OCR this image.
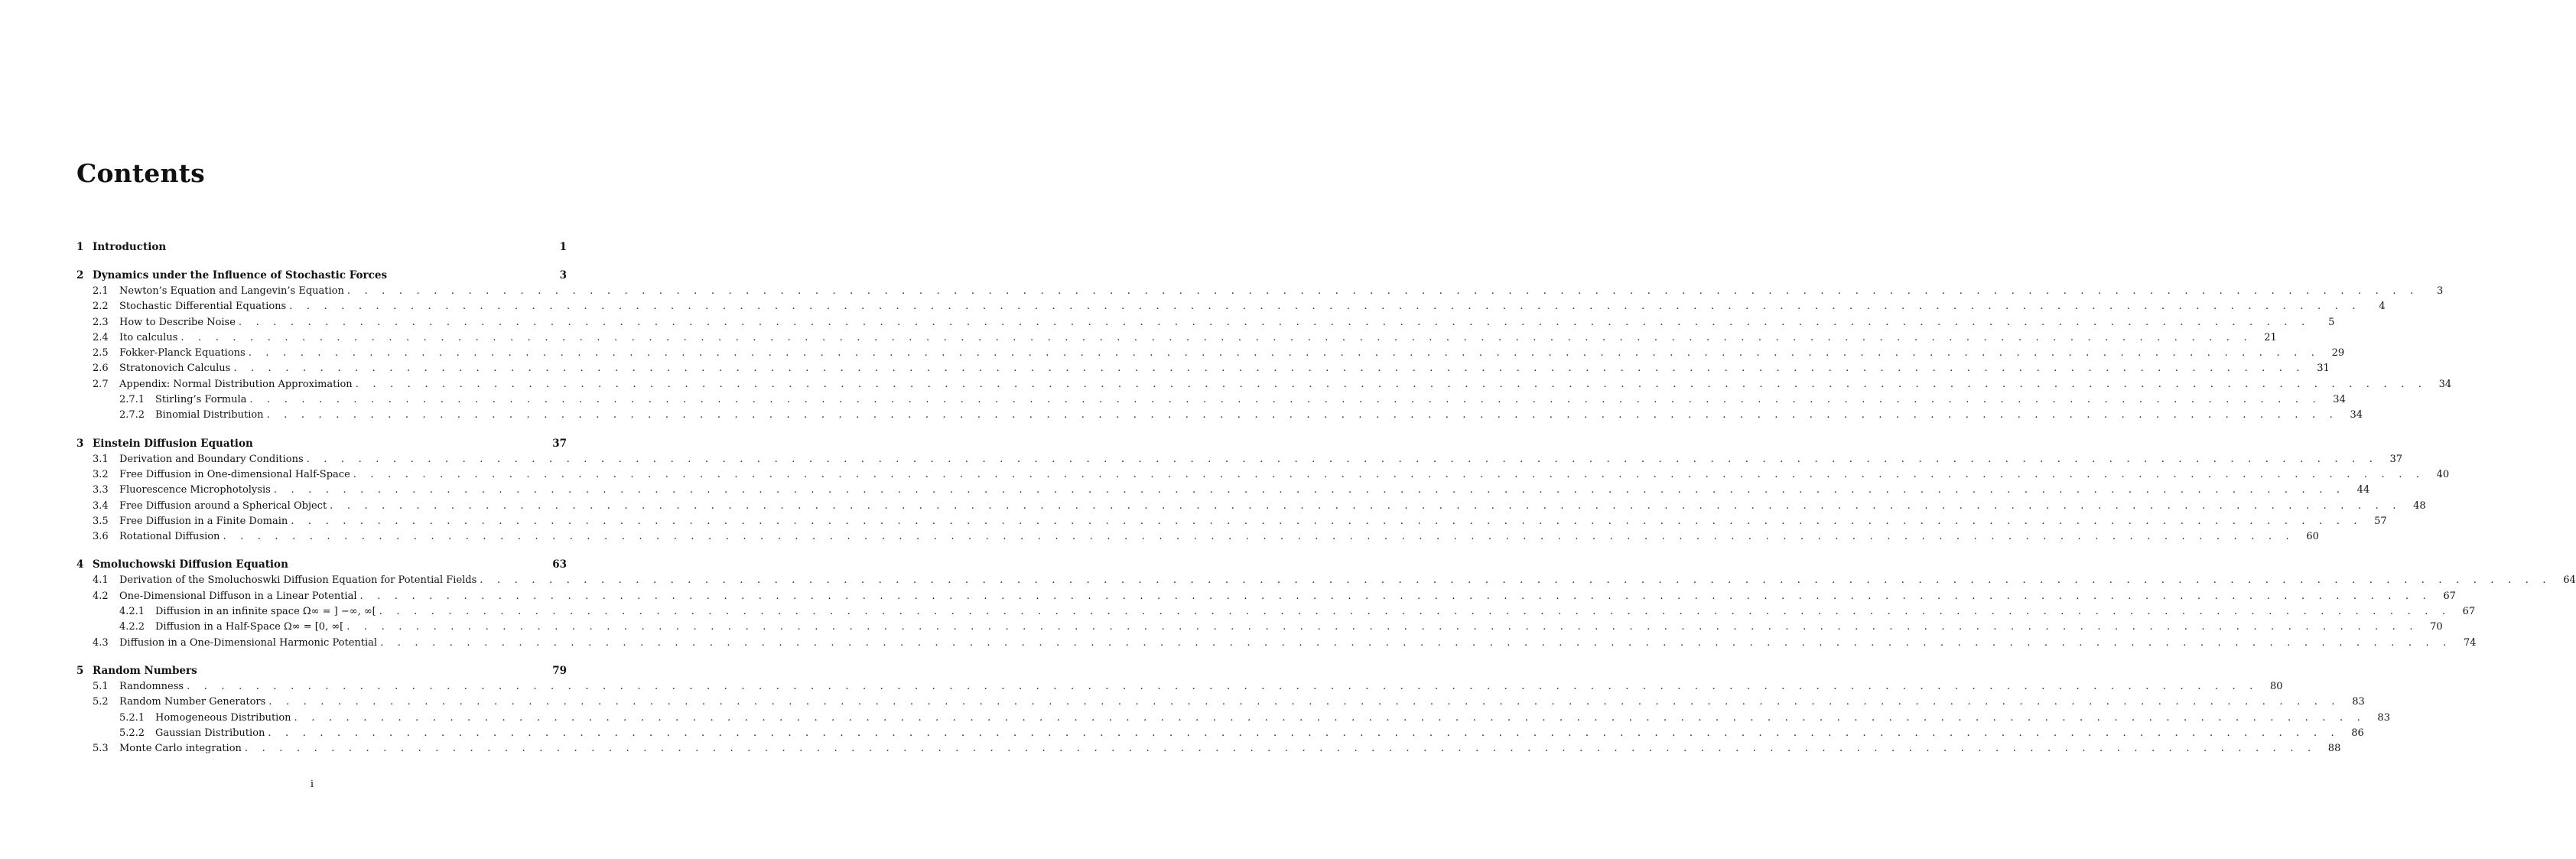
Contents
1 Introduction	1
2 Dynamics under the Influence of Stochastic Forces	3
2.1	Newton’s Equation and Langevin’s Equation . . . . . . . . . . . . . . . . . . . . . . . . . . . . . . . . . . . . . . . . . . . . . . . . . . . . . . . . . . . . . . . . . . . . . . . . . . . . . . . . . . . . . . . . . . . . . . . . . . . . . . . . . . . . . . . . . . . . . . . .	3
2.2	Stochastic Differential Equations . . . . . . . . . . . . . . . . . . . . . . . . . . . . . . . . . . . . . . . . . . . . . . . . . . . . . . . . . . . . . . . . . . . . . . . . . . . . . . . . . . . . . . . . . . . . . . . . . . . . . . . . . . . . . . . . . . . . . . . .	4
2.3	How to Describe Noise . . . . . . . . . . . . . . . . . . . . . . . . . . . . . . . . . . . . . . . . . . . . . . . . . . . . . . . . . . . . . . . . . . . . . . . . . . . . . . . . . . . . . . . . . . . . . . . . . . . . . . . . . . . . . . . . . . . . . . . .	5
2.4	Ito calculus . . . . . . . . . . . . . . . . . . . . . . . . . . . . . . . . . . . . . . . . . . . . . . . . . . . . . . . . . . . . . . . . . . . . . . . . . . . . . . . . . . . . . . . . . . . . . . . . . . . . . . . . . . . . . . . . . . . . . . . .	21
2.5	Fokker-Planck Equations . . . . . . . . . . . . . . . . . . . . . . . . . . . . . . . . . . . . . . . . . . . . . . . . . . . . . . . . . . . . . . . . . . . . . . . . . . . . . . . . . . . . . . . . . . . . . . . . . . . . . . . . . . . . . . . . . . . . . . . .	29
2.6	Stratonovich Calculus . . . . . . . . . . . . . . . . . . . . . . . . . . . . . . . . . . . . . . . . . . . . . . . . . . . . . . . . . . . . . . . . . . . . . . . . . . . . . . . . . . . . . . . . . . . . . . . . . . . . . . . . . . . . . . . . . . . . . . . .	31
2.7	Appendix: Normal Distribution Approximation . . . . . . . . . . . . . . . . . . . . . . . . . . . . . . . . . . . . . . . . . . . . . . . . . . . . . . . . . . . . . . . . . . . . . . . . . . . . . . . . . . . . . . . . . . . . . . . . . . . . . . . . . . . . . . . . . . . . . . . .	34
2.7.1	Stirling’s Formula . . . . . . . . . . . . . . . . . . . . . . . . . . . . . . . . . . . . . . . . . . . . . . . . . . . . . . . . . . . . . . . . . . . . . . . . . . . . . . . . . . . . . . . . . . . . . . . . . . . . . . . . . . . . . . . . . . . . . . . .	34
2.7.2	Binomial Distribution . . . . . . . . . . . . . . . . . . . . . . . . . . . . . . . . . . . . . . . . . . . . . . . . . . . . . . . . . . . . . . . . . . . . . . . . . . . . . . . . . . . . . . . . . . . . . . . . . . . . . . . . . . . . . . . . . . . . . . . .	34
3 Einstein Diffusion Equation	37
3.1	Derivation and Boundary Conditions . . . . . . . . . . . . . . . . . . . . . . . . . . . . . . . . . . . . . . . . . . . . . . . . . . . . . . . . . . . . . . . . . . . . . . . . . . . . . . . . . . . . . . . . . . . . . . . . . . . . . . . . . . . . . . . . . . . . . . . .	37
3.2	Free Diffusion in One-dimensional Half-Space . . . . . . . . . . . . . . . . . . . . . . . . . . . . . . . . . . . . . . . . . . . . . . . . . . . . . . . . . . . . . . . . . . . . . . . . . . . . . . . . . . . . . . . . . . . . . . . . . . . . . . . . . . . . . . . . . . . . . . . .	40
3.3	Fluorescence Microphotolysis . . . . . . . . . . . . . . . . . . . . . . . . . . . . . . . . . . . . . . . . . . . . . . . . . . . . . . . . . . . . . . . . . . . . . . . . . . . . . . . . . . . . . . . . . . . . . . . . . . . . . . . . . . . . . . . . . . . . . . . .	44
3.4	Free Diffusion around a Spherical Object . . . . . . . . . . . . . . . . . . . . . . . . . . . . . . . . . . . . . . . . . . . . . . . . . . . . . . . . . . . . . . . . . . . . . . . . . . . . . . . . . . . . . . . . . . . . . . . . . . . . . . . . . . . . . . . . . . . . . . . .	48
3.5	Free Diffusion in a Finite Domain . . . . . . . . . . . . . . . . . . . . . . . . . . . . . . . . . . . . . . . . . . . . . . . . . . . . . . . . . . . . . . . . . . . . . . . . . . . . . . . . . . . . . . . . . . . . . . . . . . . . . . . . . . . . . . . . . . . . . . . .	57
3.6	Rotational Diffusion . . . . . . . . . . . . . . . . . . . . . . . . . . . . . . . . . . . . . . . . . . . . . . . . . . . . . . . . . . . . . . . . . . . . . . . . . . . . . . . . . . . . . . . . . . . . . . . . . . . . . . . . . . . . . . . . . . . . . . . .	60
4 Smoluchowski Diffusion Equation	63
4.1	Derivation of the Smoluchoswki Diffusion Equation for Potential Fields . . . . . . . . . . . . . . . . . . . . . . . . . . . . . . . . . . . . . . . . . . . . . . . . . . . . . . . . . . . . . . . . . . . . . . . . . . . . . . . . . . . . . . . . . . . . . . . . . . . . . . . . . . . . . . . . . . . . . . . .	64
4.2	One-Dimensional Diffuson in a Linear Potential . . . . . . . . . . . . . . . . . . . . . . . . . . . . . . . . . . . . . . . . . . . . . . . . . . . . . . . . . . . . . . . . . . . . . . . . . . . . . . . . . . . . . . . . . . . . . . . . . . . . . . . . . . . . . . . . . . . . . . . .	67
4.2.1	Diffusion in an infinite space Ω∞ = ] −∞, ∞[ . . . . . . . . . . . . . . . . . . . . . . . . . . . . . . . . . . . . . . . . . . . . . . . . . . . . . . . . . . . . . . . . . . . . . . . . . . . . . . . . . . . . . . . . . . . . . . . . . . . . . . . . . . . . . . . . . . . . . . . .	67
4.2.2	Diffusion in a Half-Space Ω∞ = [0, ∞[ . . . . . . . . . . . . . . . . . . . . . . . . . . . . . . . . . . . . . . . . . . . . . . . . . . . . . . . . . . . . . . . . . . . . . . . . . . . . . . . . . . . . . . . . . . . . . . . . . . . . . . . . . . . . . . . . . . . . . . . .	70
4.3	Diffusion in a One-Dimensional Harmonic Potential . . . . . . . . . . . . . . . . . . . . . . . . . . . . . . . . . . . . . . . . . . . . . . . . . . . . . . . . . . . . . . . . . . . . . . . . . . . . . . . . . . . . . . . . . . . . . . . . . . . . . . . . . . . . . . . . . . . . . . . .	74
5 Random Numbers	79
5.1	Randomness . . . . . . . . . . . . . . . . . . . . . . . . . . . . . . . . . . . . . . . . . . . . . . . . . . . . . . . . . . . . . . . . . . . . . . . . . . . . . . . . . . . . . . . . . . . . . . . . . . . . . . . . . . . . . . . . . . . . . . . .	80
5.2	Random Number Generators . . . . . . . . . . . . . . . . . . . . . . . . . . . . . . . . . . . . . . . . . . . . . . . . . . . . . . . . . . . . . . . . . . . . . . . . . . . . . . . . . . . . . . . . . . . . . . . . . . . . . . . . . . . . . . . . . . . . . . . .	83
5.2.1	Homogeneous Distribution . . . . . . . . . . . . . . . . . . . . . . . . . . . . . . . . . . . . . . . . . . . . . . . . . . . . . . . . . . . . . . . . . . . . . . . . . . . . . . . . . . . . . . . . . . . . . . . . . . . . . . . . . . . . . . . . . . . . . . . .	83
5.2.2	Gaussian Distribution . . . . . . . . . . . . . . . . . . . . . . . . . . . . . . . . . . . . . . . . . . . . . . . . . . . . . . . . . . . . . . . . . . . . . . . . . . . . . . . . . . . . . . . . . . . . . . . . . . . . . . . . . . . . . . . . . . . . . . . .	86
5.3	Monte Carlo integration . . . . . . . . . . . . . . . . . . . . . . . . . . . . . . . . . . . . . . . . . . . . . . . . . . . . . . . . . . . . . . . . . . . . . . . . . . . . . . . . . . . . . . . . . . . . . . . . . . . . . . . . . . . . . . . . . . . . . . . .	88
i
